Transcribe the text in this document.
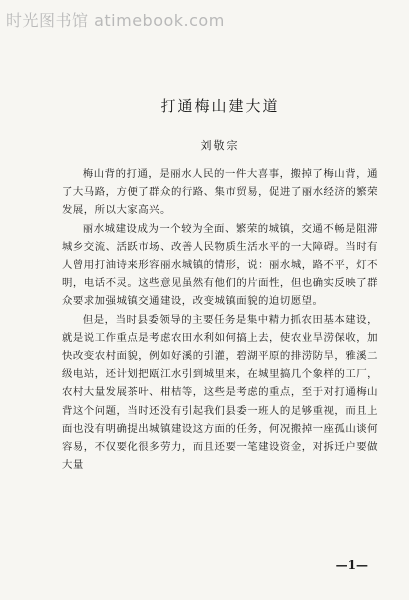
时光图书馆 atimebook.com
打通梅山建大道
刘敬宗

梅山背的打通，是丽水人民的一件大喜事，搬掉了梅山背，通了大马路，方便了群众的行路、集市贸易，促进了丽水经济的繁荣发展，所以大家高兴。

丽水城建设成为一个较为全面、繁荣的城镇，交通不畅是阻滞城乡交流、活跃市场、改善人民物质生活水平的一大障碍。当时有人曾用打油诗来形容丽水城镇的情形，说：丽水城，路不平，灯不明，电话不灵。这些意见虽然有他们的片面性，但也确实反映了群众要求加强城镇交通建设，改变城镇面貌的迫切愿望。

但是，当时县委领导的主要任务是集中精力抓农田基本建设，就是说工作重点是考虑农田水利如何搞上去，使农业旱涝保收，加快改变农村面貌，例如好溪的引灌，碧湖平原的排涝防旱，雅溪二级电站，还计划把瓯江水引到城里来，在城里搞几个象样的工厂，农村大量发展茶叶、柑桔等，这些是考虑的重点，至于对打通梅山背这个问题，当时还没有引起我们县委一班人的足够重视，而且上面也没有明确提出城镇建设这方面的任务，何况搬掉一座孤山谈何容易，不仅要化很多劳力，而且还要一笔建设资金，对拆迁户要做大量

—1—
